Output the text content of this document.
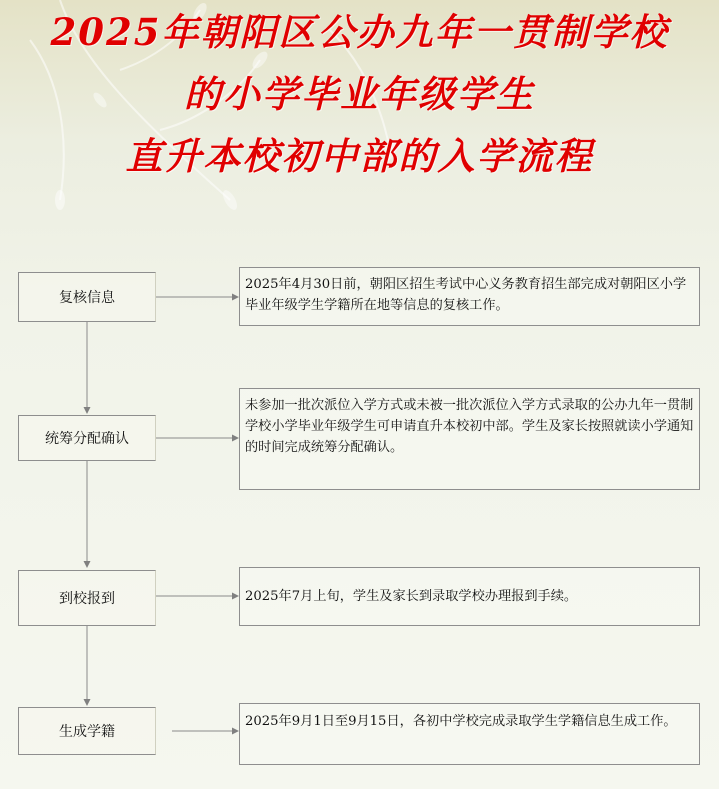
2025年朝阳区公办九年一贯制学校
的小学毕业年级学生
直升本校初中部的入学流程
复核信息
2025年4月30日前，朝阳区招生考试中心义务教育招生部完成对朝阳区小学毕业年级学生学籍所在地等信息的复核工作。
统筹分配确认
未参加一批次派位入学方式或未被一批次派位入学方式录取的公办九年一贯制学校小学毕业年级学生可申请直升本校初中部。学生及家长按照就读小学通知的时间完成统筹分配确认。
到校报到	2025年7月上旬，学生及家长到录取学校办理报到手续。
生成学籍
2025年9月1日至9月15日，各初中学校完成录取学生学籍信息生成工作。
